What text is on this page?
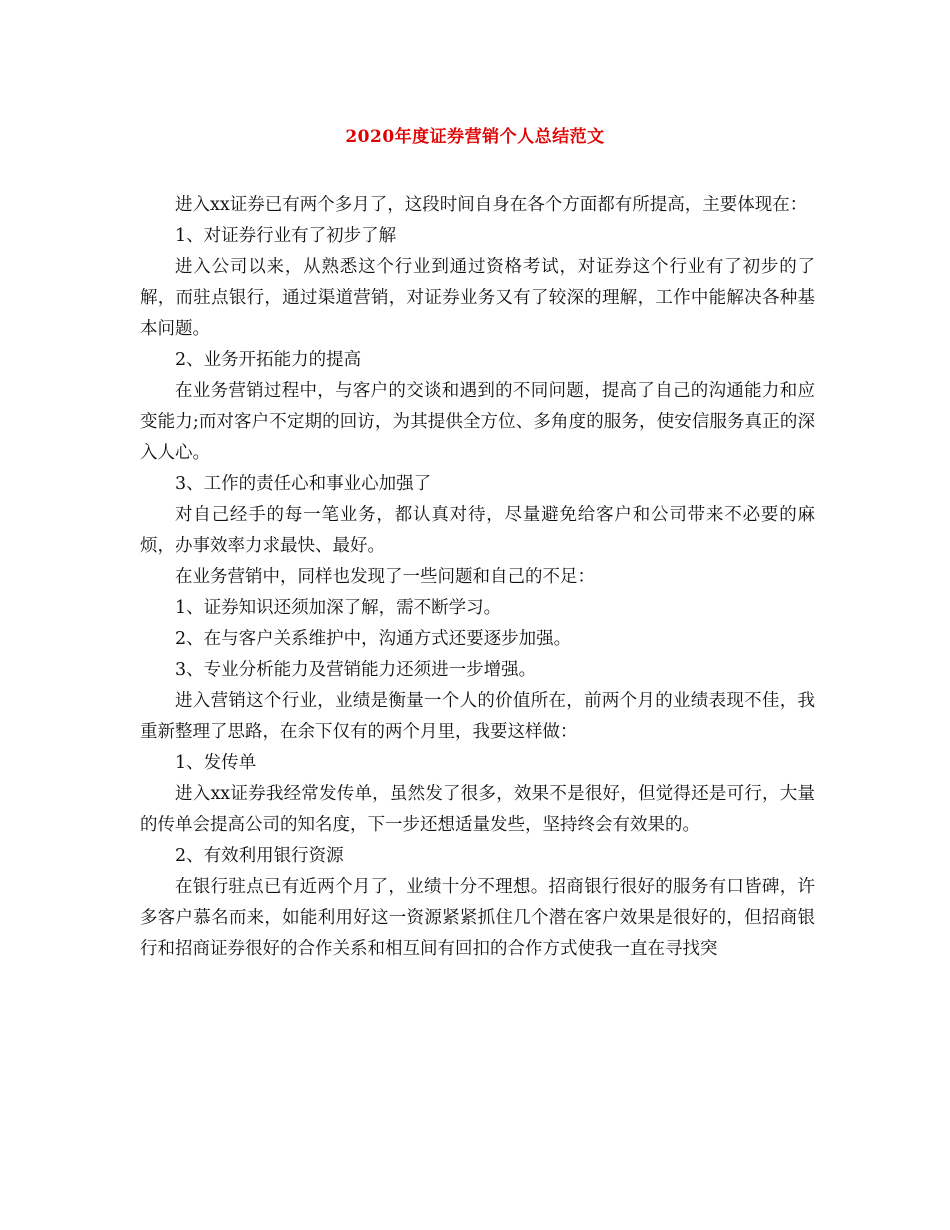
2020年度证券营销个人总结范文

进入xx证券已有两个多月了，这段时间自身在各个方面都有所提高，主要体现在：

1、对证券行业有了初步了解

进入公司以来，从熟悉这个行业到通过资格考试，对证券这个行业有了初步的了解，而驻点银行，通过渠道营销，对证券业务又有了较深的理解，工作中能解决各种基本问题。

2、业务开拓能力的提高

在业务营销过程中，与客户的交谈和遇到的不同问题，提高了自己的沟通能力和应变能力;而对客户不定期的回访，为其提供全方位、多角度的服务，使安信服务真正的深入人心。

3、工作的责任心和事业心加强了

对自己经手的每一笔业务，都认真对待，尽量避免给客户和公司带来不必要的麻烦，办事效率力求最快、最好。

在业务营销中，同样也发现了一些问题和自己的不足：

1、证券知识还须加深了解，需不断学习。

2、在与客户关系维护中，沟通方式还要逐步加强。

3、专业分析能力及营销能力还须进一步增强。

进入营销这个行业，业绩是衡量一个人的价值所在，前两个月的业绩表现不佳，我重新整理了思路，在余下仅有的两个月里，我要这样做：

1、发传单

进入xx证券我经常发传单，虽然发了很多，效果不是很好，但觉得还是可行，大量的传单会提高公司的知名度，下一步还想适量发些，坚持终会有效果的。

2、有效利用银行资源

在银行驻点已有近两个月了，业绩十分不理想。招商银行很好的服务有口皆碑，许多客户慕名而来，如能利用好这一资源紧紧抓住几个潜在客户效果是很好的，但招商银行和招商证券很好的合作关系和相互间有回扣的合作方式使我一直在寻找突
